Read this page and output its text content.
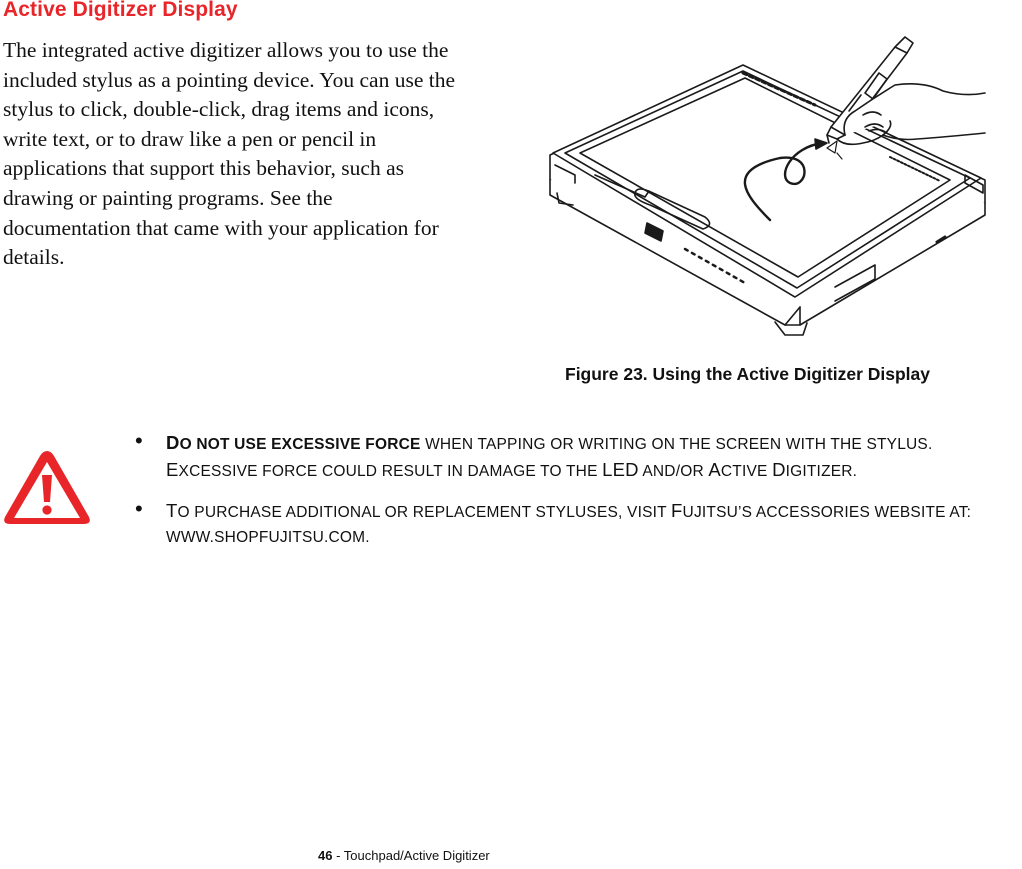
Active Digitizer Display

The integrated active digitizer allows you to use the
included stylus as a pointing device. You can use the
stylus to click, double-click, drag items and icons,
write text, or to draw like a pen or pencil in
applications that support this behavior, such as
drawing or painting programs. See the
documentation that came with your application for
details.

Figure 23. Using the Active Digitizer Display

• DO NOT USE EXCESSIVE FORCE WHEN TAPPING OR WRITING ON THE SCREEN WITH THE STYLUS.
EXCESSIVE FORCE COULD RESULT IN DAMAGE TO THE LED AND/OR ACTIVE DIGITIZER.
• TO PURCHASE ADDITIONAL OR REPLACEMENT STYLUSES, VISIT FUJITSU’S ACCESSORIES WEBSITE AT:
WWW.SHOPFUJITSU.COM.

46 - Touchpad/Active Digitizer
